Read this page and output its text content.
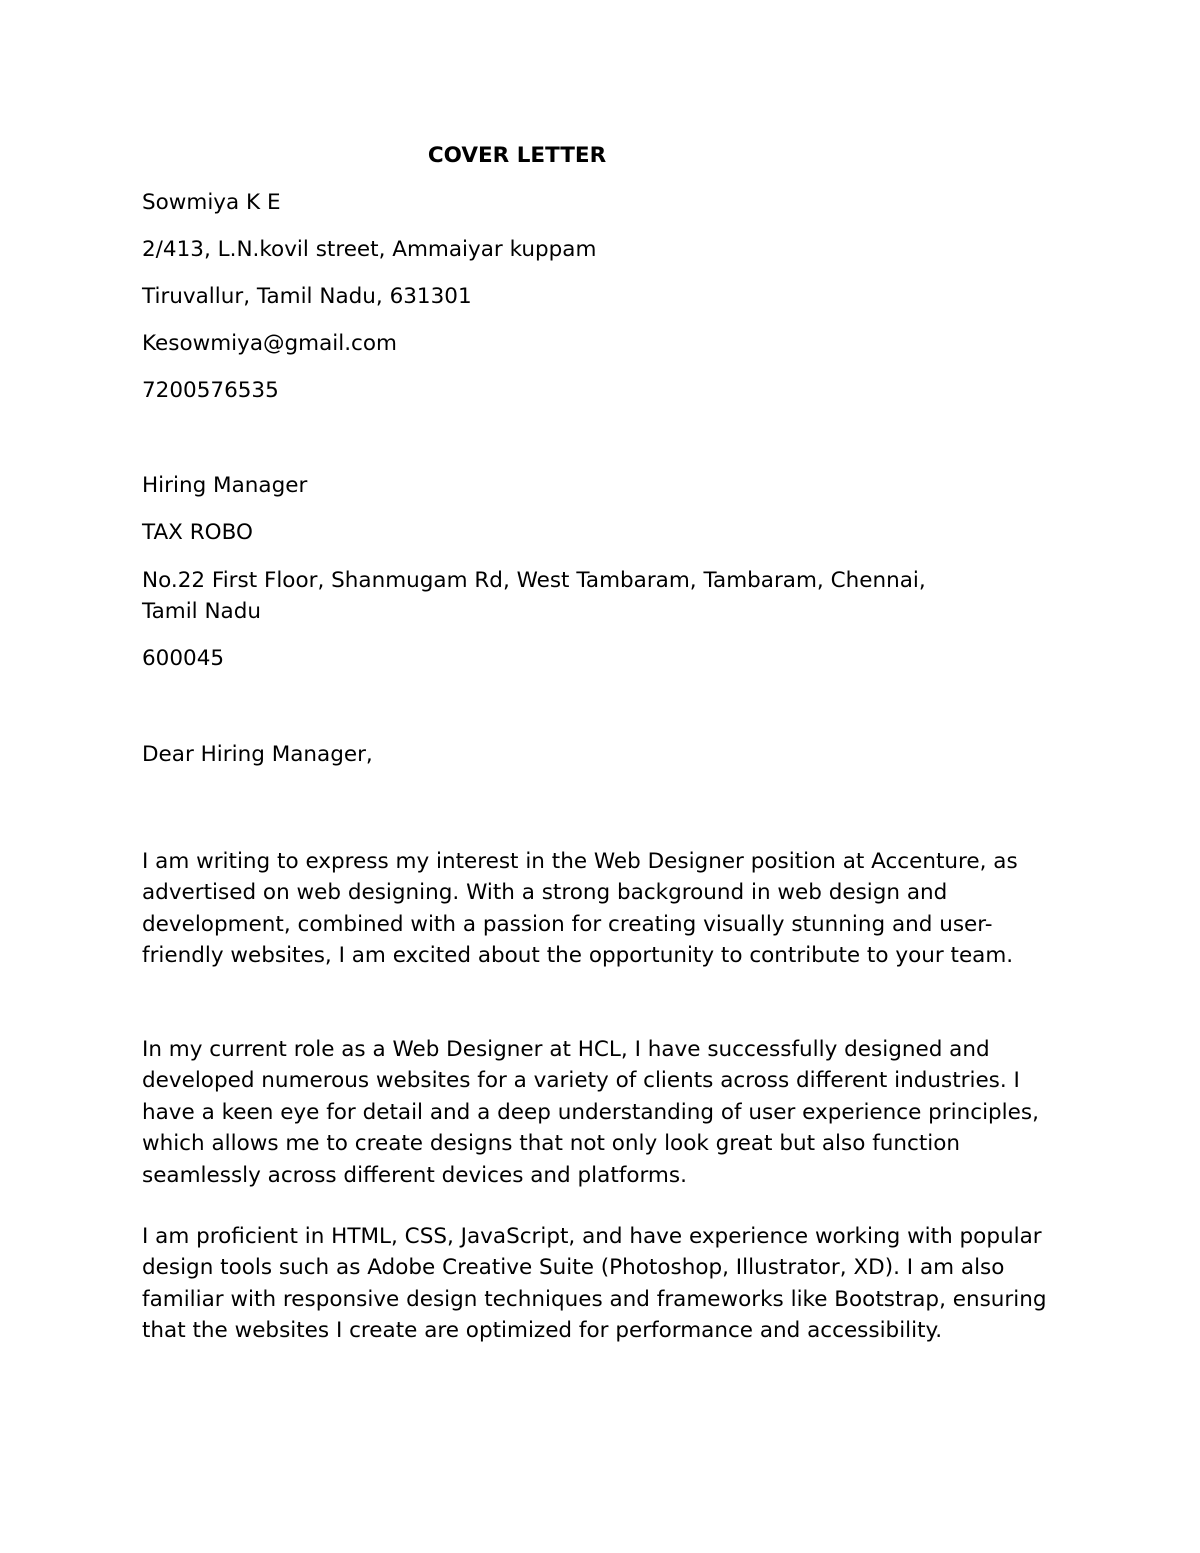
COVER LETTER

Sowmiya K E

2/413, L.N.kovil street, Ammaiyar kuppam

Tiruvallur, Tamil Nadu, 631301

Kesowmiya@gmail.com

7200576535

Hiring Manager

TAX ROBO

No.22 First Floor, Shanmugam Rd, West Tambaram, Tambaram, Chennai,

Tamil Nadu

600045

Dear Hiring Manager,

I am writing to express my interest in the Web Designer position at Accenture, as advertised on web designing. With a strong background in web design and development, combined with a passion for creating visually stunning and user-friendly websites, I am excited about the opportunity to contribute to your team.

In my current role as a Web Designer at HCL, I have successfully designed and developed numerous websites for a variety of clients across different industries. I have a keen eye for detail and a deep understanding of user experience principles, which allows me to create designs that not only look great but also function seamlessly across different devices and platforms.

I am proficient in HTML, CSS, JavaScript, and have experience working with popular design tools such as Adobe Creative Suite (Photoshop, Illustrator, XD). I am also familiar with responsive design techniques and frameworks like Bootstrap, ensuring that the websites I create are optimized for performance and accessibility.
